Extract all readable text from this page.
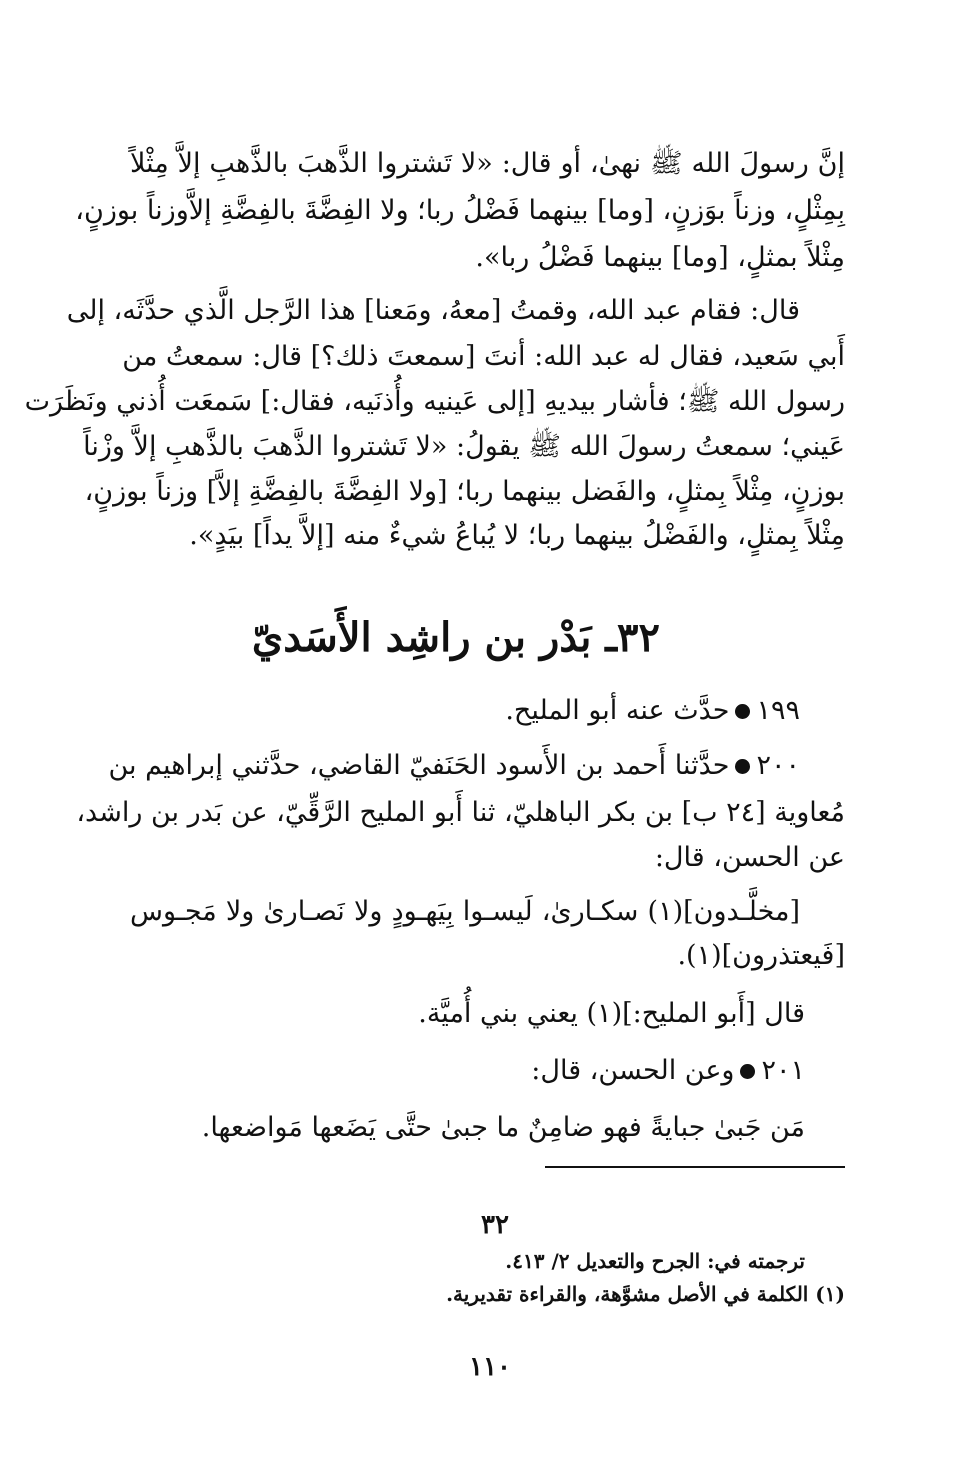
إنَّ رسولَ الله ﷺ نهىٰ، أو قال: «لا تَشتروا الذَّهبَ بالذَّهبِ إلاَّ مِثْلاً
بِمِثْلٍ، وزناً بوَزنٍ، [وما] بينهما فَضْلُ ربا؛ ولا الفِضَّةَ بالفِضَّةِ إلاَّوزناً بوزنٍ،
مِثْلاً بمثلٍ، [وما] بينهما فَضْلُ ربا».
قال: فقام عبد الله، وقمتُ [معهُ، ومَعنا] هذا الرَّجل الَّذي حدَّثَه، إلى
أَبي سَعيد، فقال له عبد الله: أنتَ [سمعتَ ذلك؟] قال: سمعتُ من
رسول الله ﷺ؛ فأشار بيديهِ [إلى عَينيه وأُذنَيه، فقال:] سَمعَت أُذني ونَظَرَت
عَيني؛ سمعتُ رسولَ الله ﷺ يقولُ: «لا تَشتروا الذَّهبَ بالذَّهبِ إلاَّ وزْناً
بوزنٍ، مِثْلاً بِمثلٍ، والفَضل بينهما ربا؛ [ولا الفِضَّةَ بالفِضَّةِ إلاَّ] وزناً بوزنٍ،
مِثْلاً بِمثلٍ، والفَضْلُ بينهما ربا؛ لا يُباعُ شيءٌ منه [إلاَّ يداً] بيَدٍ».
٣٢ـ بَدْر بن راشِد الأَسَديّ
١٩٩حدَّث عنه أبو المليح.
٢٠٠حدَّثنا أَحمد بن الأَسود الحَنَفيّ القاضي، حدَّثني إبراهيم بن
مُعاوية [٢٤ ب] بن بكر الباهليّ، ثنا أَبو المليح الرَّقِّيّ، عن بَدر بن راشد،
عن الحسن، قال:
[مخلَّـدون](١) سكـارىٰ، لَيسـوا بِيَهـودٍ ولا نَصـارىٰ ولا مَجـوس
[فَيعتذرون](١).
قال [أَبو المليح:](١) يعني بني أُميَّة.
٢٠١وعن الحسن، قال:
مَن جَبىٰ جبايةً فهو ضامِنٌ ما جبىٰ حتَّى يَضَعها مَواضعها.
٣٢
ترجمته في: الجرح والتعديل ٢/ ٤١٣.
(١) الكلمة في الأصل مشوَّهة، والقراءة تقديرية.
١١٠
